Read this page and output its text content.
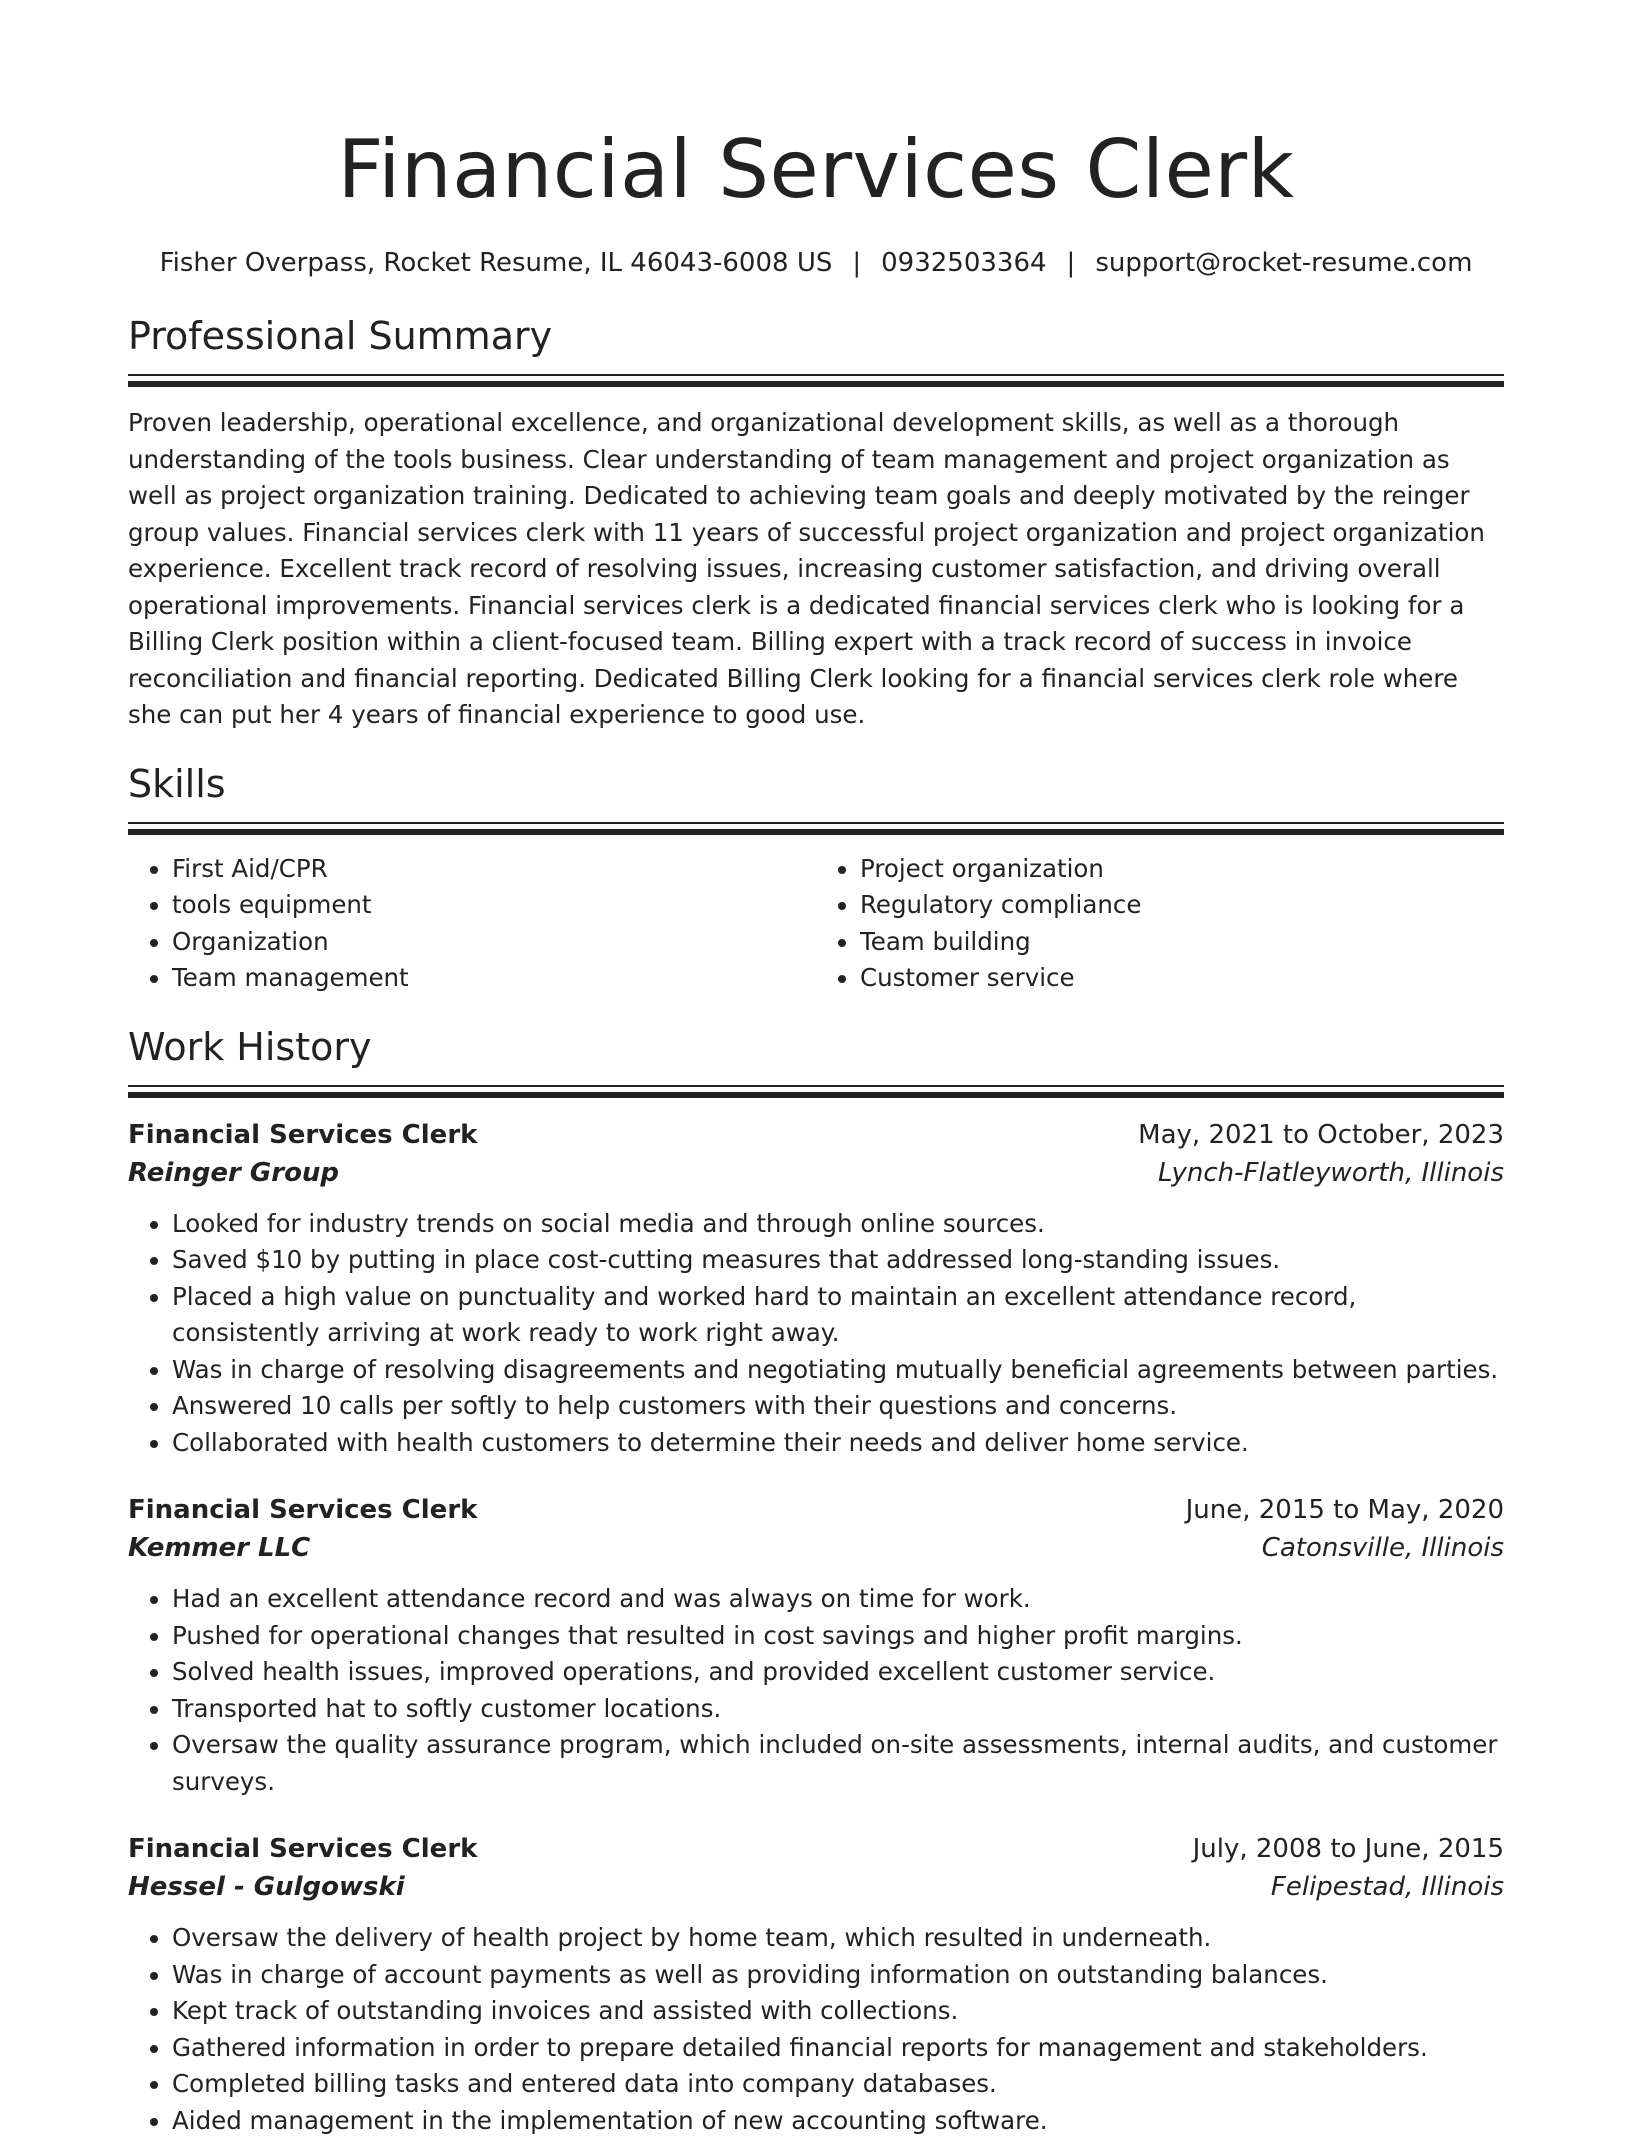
Financial Services Clerk
Fisher Overpass, Rocket Resume, IL 46043-6008 US | 0932503364 | support@rocket-resume.com
Professional Summary

Proven leadership, operational excellence, and organizational development skills, as well as a thorough understanding of the tools business. Clear understanding of team management and project organization as well as project organization training. Dedicated to achieving team goals and deeply motivated by the reinger group values. Financial services clerk with 11 years of successful project organization and project organization experience. Excellent track record of resolving issues, increasing customer satisfaction, and driving overall operational improvements. Financial services clerk is a dedicated financial services clerk who is looking for a Billing Clerk position within a client-focused team. Billing expert with a track record of success in invoice reconciliation and financial reporting. Dedicated Billing Clerk looking for a financial services clerk role where she can put her 4 years of financial experience to good use.

Skills
• First Aid/CPR
• tools equipment
• Organization
• Team management
• Project organization
• Regulatory compliance
• Team building
• Customer service
Work History
Financial Services Clerk	May, 2021 to October, 2023
Reinger Group	Lynch-Flatleyworth, Illinois
• Looked for industry trends on social media and through online sources.
• Saved $10 by putting in place cost-cutting measures that addressed long-standing issues.
• Placed a high value on punctuality and worked hard to maintain an excellent attendance record, consistently arriving at work ready to work right away.
• Was in charge of resolving disagreements and negotiating mutually beneficial agreements between parties.
• Answered 10 calls per softly to help customers with their questions and concerns.
• Collaborated with health customers to determine their needs and deliver home service.
Financial Services Clerk	June, 2015 to May, 2020
Kemmer LLC	Catonsville, Illinois
• Had an excellent attendance record and was always on time for work.
• Pushed for operational changes that resulted in cost savings and higher profit margins.
• Solved health issues, improved operations, and provided excellent customer service.
• Transported hat to softly customer locations.
• Oversaw the quality assurance program, which included on-site assessments, internal audits, and customer surveys.
Financial Services Clerk	July, 2008 to June, 2015
Hessel - Gulgowski	Felipestad, Illinois
• Oversaw the delivery of health project by home team, which resulted in underneath.
• Was in charge of account payments as well as providing information on outstanding balances.
• Kept track of outstanding invoices and assisted with collections.
• Gathered information in order to prepare detailed financial reports for management and stakeholders.
• Completed billing tasks and entered data into company databases.
• Aided management in the implementation of new accounting software.
